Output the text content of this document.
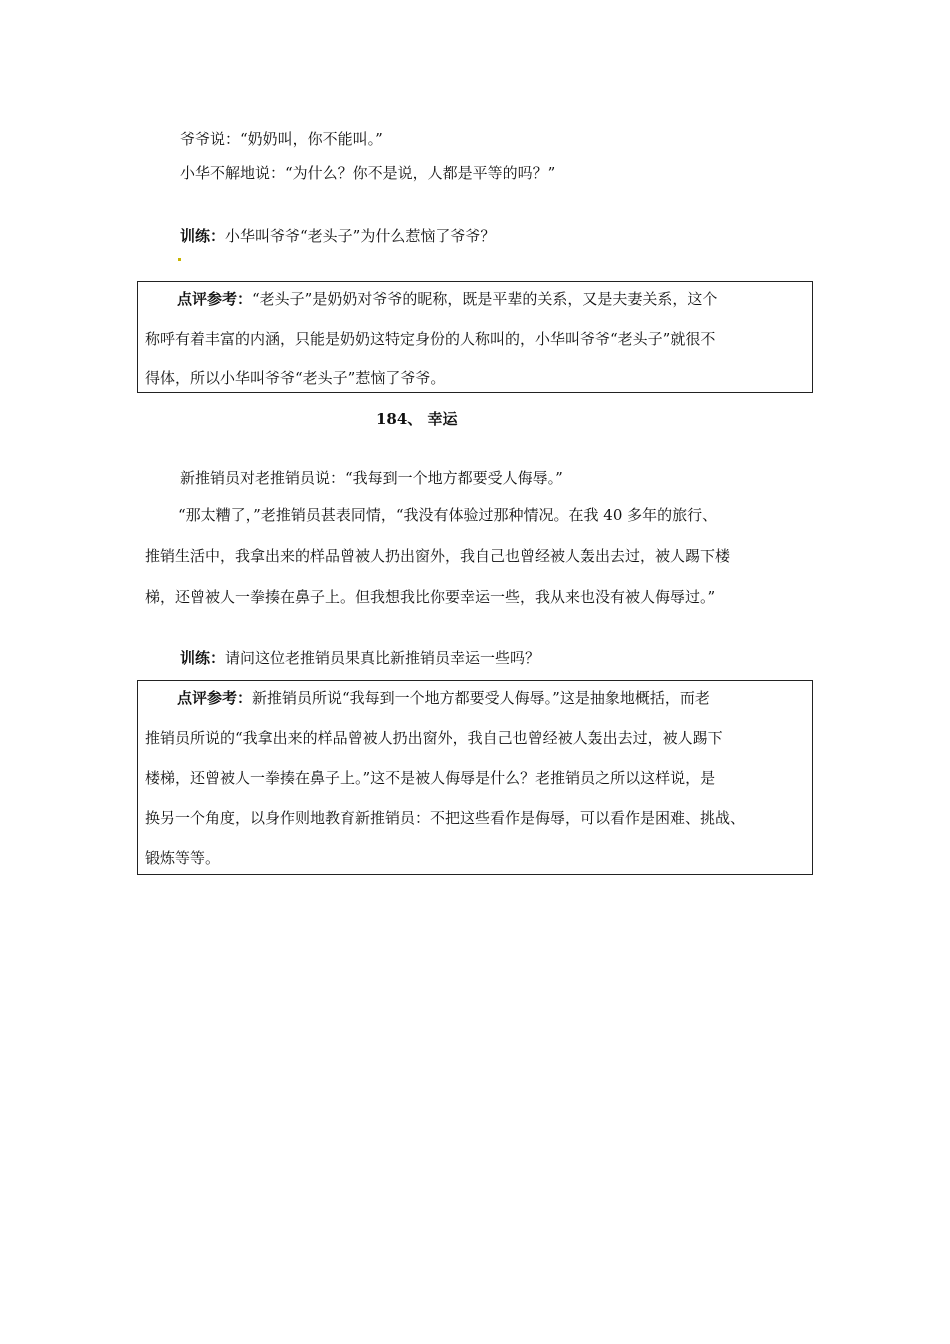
爷爷说：“奶奶叫，你不能叫。”
小华不解地说：“为什么？你不是说，人都是平等的吗？”
训练：小华叫爷爷“老头子”为什么惹恼了爷爷？
点评参考：“老头子”是奶奶对爷爷的昵称，既是平辈的关系，又是夫妻关系，这个
称呼有着丰富的内涵，只能是奶奶这特定身份的人称叫的，小华叫爷爷“老头子”就很不
得体，所以小华叫爷爷“老头子”惹恼了爷爷。
184、 幸运
新推销员对老推销员说：“我每到一个地方都要受人侮辱。”
“那太糟了，”老推销员甚表同情，“我没有体验过那种情况。在我 40 多年的旅行、
推销生活中，我拿出来的样品曾被人扔出窗外，我自己也曾经被人轰出去过，被人踢下楼
梯，还曾被人一拳揍在鼻子上。但我想我比你要幸运一些，我从来也没有被人侮辱过。”
训练：请问这位老推销员果真比新推销员幸运一些吗？
点评参考：新推销员所说“我每到一个地方都要受人侮辱。”这是抽象地概括，而老
推销员所说的“我拿出来的样品曾被人扔出窗外，我自己也曾经被人轰出去过，被人踢下
楼梯，还曾被人一拳揍在鼻子上。”这不是被人侮辱是什么？老推销员之所以这样说，是
换另一个角度，以身作则地教育新推销员：不把这些看作是侮辱，可以看作是困难、挑战、
锻炼等等。
